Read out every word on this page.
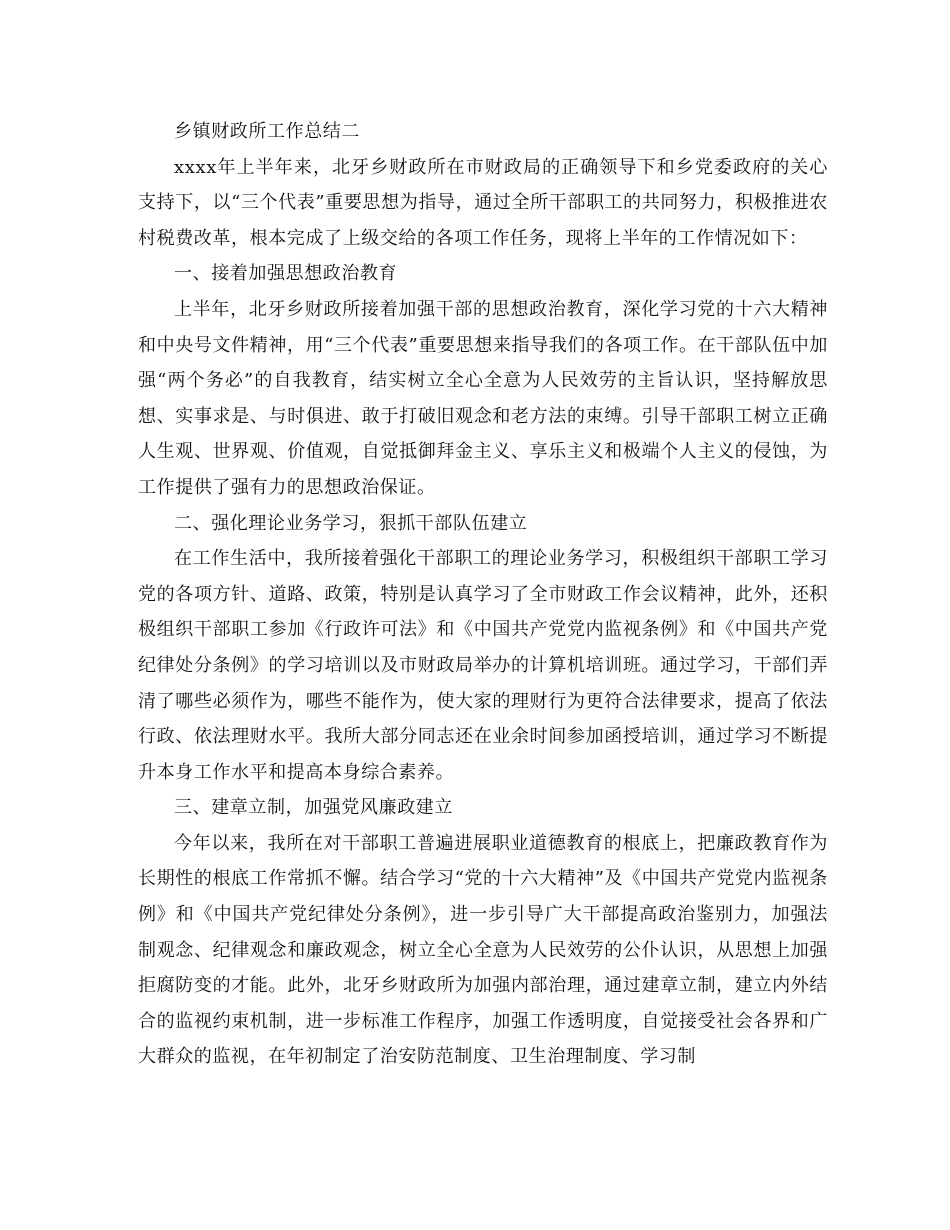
乡镇财政所工作总结二

xxxx年上半年来，北牙乡财政所在市财政局的正确领导下和乡党委政府的关心支持下，以“三个代表”重要思想为指导，通过全所干部职工的共同努力，积极推进农村税费改革，根本完成了上级交给的各项工作任务，现将上半年的工作情况如下：

一、接着加强思想政治教育

上半年，北牙乡财政所接着加强干部的思想政治教育，深化学习党的十六大精神和中央号文件精神，用“三个代表”重要思想来指导我们的各项工作。在干部队伍中加强“两个务必”的自我教育，结实树立全心全意为人民效劳的主旨认识，坚持解放思想、实事求是、与时俱进、敢于打破旧观念和老方法的束缚。引导干部职工树立正确人生观、世界观、价值观，自觉抵御拜金主义、享乐主义和极端个人主义的侵蚀，为工作提供了强有力的思想政治保证。

二、强化理论业务学习，狠抓干部队伍建立

在工作生活中，我所接着强化干部职工的理论业务学习，积极组织干部职工学习党的各项方针、道路、政策，特别是认真学习了全市财政工作会议精神，此外，还积极组织干部职工参加《行政许可法》和《中国共产党党内监视条例》和《中国共产党纪律处分条例》的学习培训以及市财政局举办的计算机培训班。通过学习，干部们弄清了哪些必须作为，哪些不能作为，使大家的理财行为更符合法律要求，提高了依法行政、依法理财水平。我所大部分同志还在业余时间参加函授培训，通过学习不断提升本身工作水平和提高本身综合素养。

三、建章立制，加强党风廉政建立

今年以来，我所在对干部职工普遍进展职业道德教育的根底上，把廉政教育作为长期性的根底工作常抓不懈。结合学习“党的十六大精神”及《中国共产党党内监视条例》和《中国共产党纪律处分条例》，进一步引导广大干部提高政治鉴别力，加强法制观念、纪律观念和廉政观念，树立全心全意为人民效劳的公仆认识，从思想上加强拒腐防变的才能。此外，北牙乡财政所为加强内部治理，通过建章立制，建立内外结合的监视约束机制，进一步标准工作程序，加强工作透明度，自觉接受社会各界和广大群众的监视，在年初制定了治安防范制度、卫生治理制度、学习制
